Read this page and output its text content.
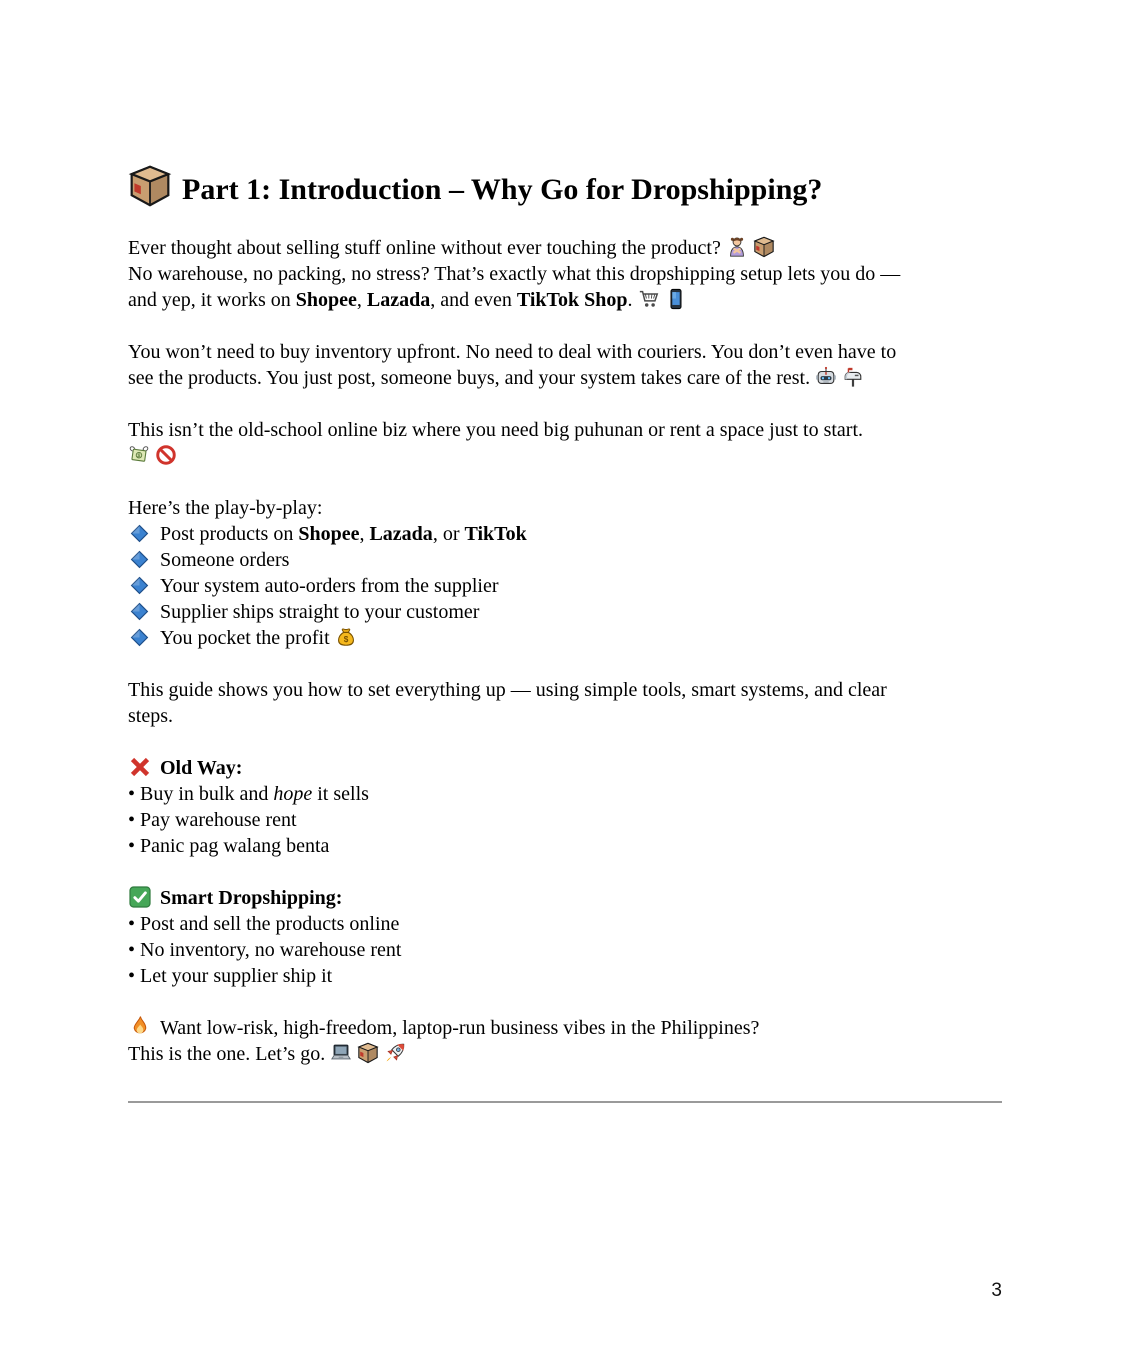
Part 1: Introduction – Why Go for Dropshipping?

Ever thought about selling stuff online without ever touching the product?

No warehouse, no packing, no stress? That’s exactly what this dropshipping setup lets you do —
and yep, it works on Shopee, Lazada, and even TikTok Shop.

You won’t need to buy inventory upfront. No need to deal with couriers. You don’t even have to
see the products. You just post, someone buys, and your system takes care of the rest.

This isn’t the old-school online biz where you need big puhunan or rent a space just to start.

$

Here’s the play-by-play:

Post products on Shopee, Lazada, or TikTok

Someone orders

Your system auto-orders from the supplier

Supplier ships straight to your customer

You pocket the profit $

This guide shows you how to set everything up — using simple tools, smart systems, and clear
steps.

Old Way:
• Buy in bulk and hope it sells
• Pay warehouse rent
• Panic pag walang benta

Smart Dropshipping:
• Post and sell the products online
• No inventory, no warehouse rent
• Let your supplier ship it

Want low-risk, high-freedom, laptop-run business vibes in the Philippines?
This is the one. Let’s go.

3
